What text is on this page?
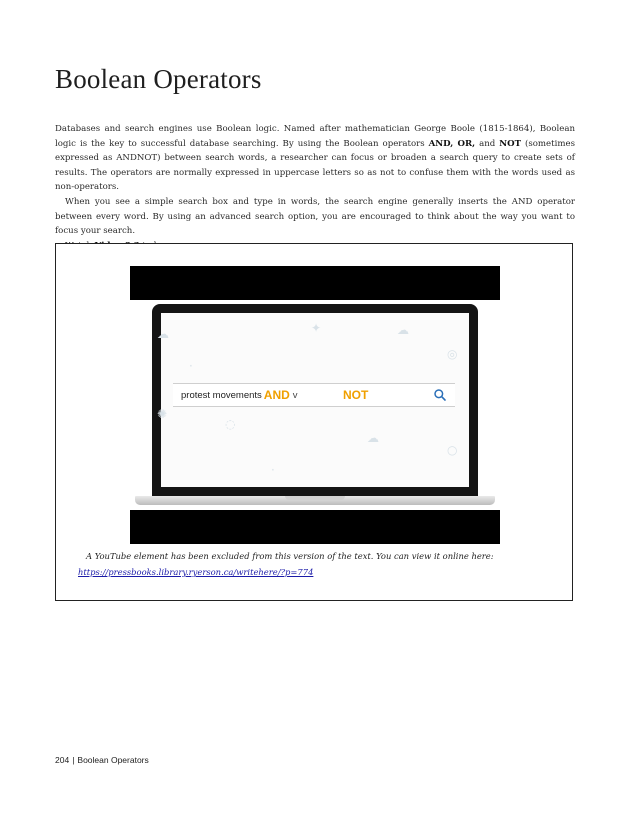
Boolean Operators

Databases and search engines use Boolean logic. Named after mathematician George Boole (1815-1864), Boolean logic is the key to successful database searching. By using the Boolean operators AND, OR, and NOT (sometimes expressed as ANDNOT) between search words, a researcher can focus or broaden a search query to create sets of results. The operators are normally expressed in uppercase letters so as not to confuse them with the words used as non-operators.

When you see a simple search box and type in words, the search engine generally inserts the AND operator between every word. By using an advanced search option, you are encouraged to think about the way you want to focus your search.

☁	✦	☁
◎
·
✺
◌
☁
·
○
protest movements AND v	NOT

A YouTube element has been excluded from this version of the text. You can view it online here:

https://pressbooks.library.ryerson.ca/writehere/?p=774
204 | Boolean Operators
